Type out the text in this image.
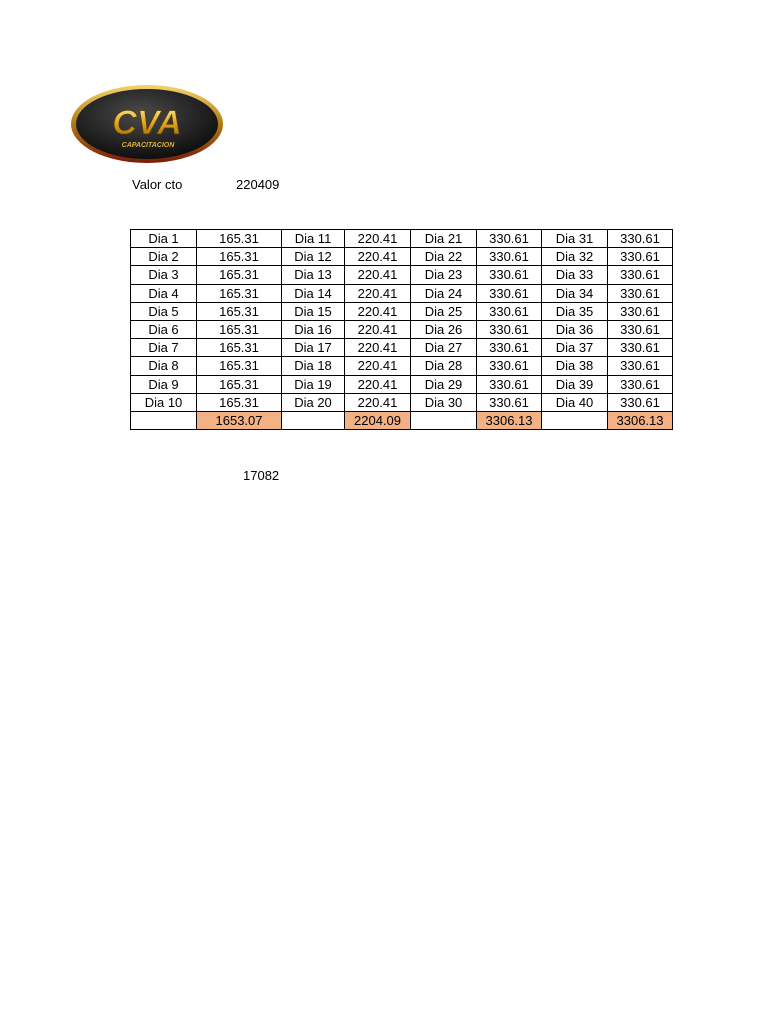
CVA
CAPACITACION
Valor cto	220409
Dia 1	165.31	Dia 11	220.41	Dia 21	330.61	Dia 31	330.61
Dia 2	165.31	Dia 12	220.41	Dia 22	330.61	Dia 32	330.61
Dia 3	165.31	Dia 13	220.41	Dia 23	330.61	Dia 33	330.61
Dia 4	165.31	Dia 14	220.41	Dia 24	330.61	Dia 34	330.61
Dia 5	165.31	Dia 15	220.41	Dia 25	330.61	Dia 35	330.61
Dia 6	165.31	Dia 16	220.41	Dia 26	330.61	Dia 36	330.61
Dia 7	165.31	Dia 17	220.41	Dia 27	330.61	Dia 37	330.61
Dia 8	165.31	Dia 18	220.41	Dia 28	330.61	Dia 38	330.61
Dia 9	165.31	Dia 19	220.41	Dia 29	330.61	Dia 39	330.61
Dia 10	165.31	Dia 20	220.41	Dia 30	330.61	Dia 40	330.61
	1653.07		2204.09		3306.13		3306.13
17082
